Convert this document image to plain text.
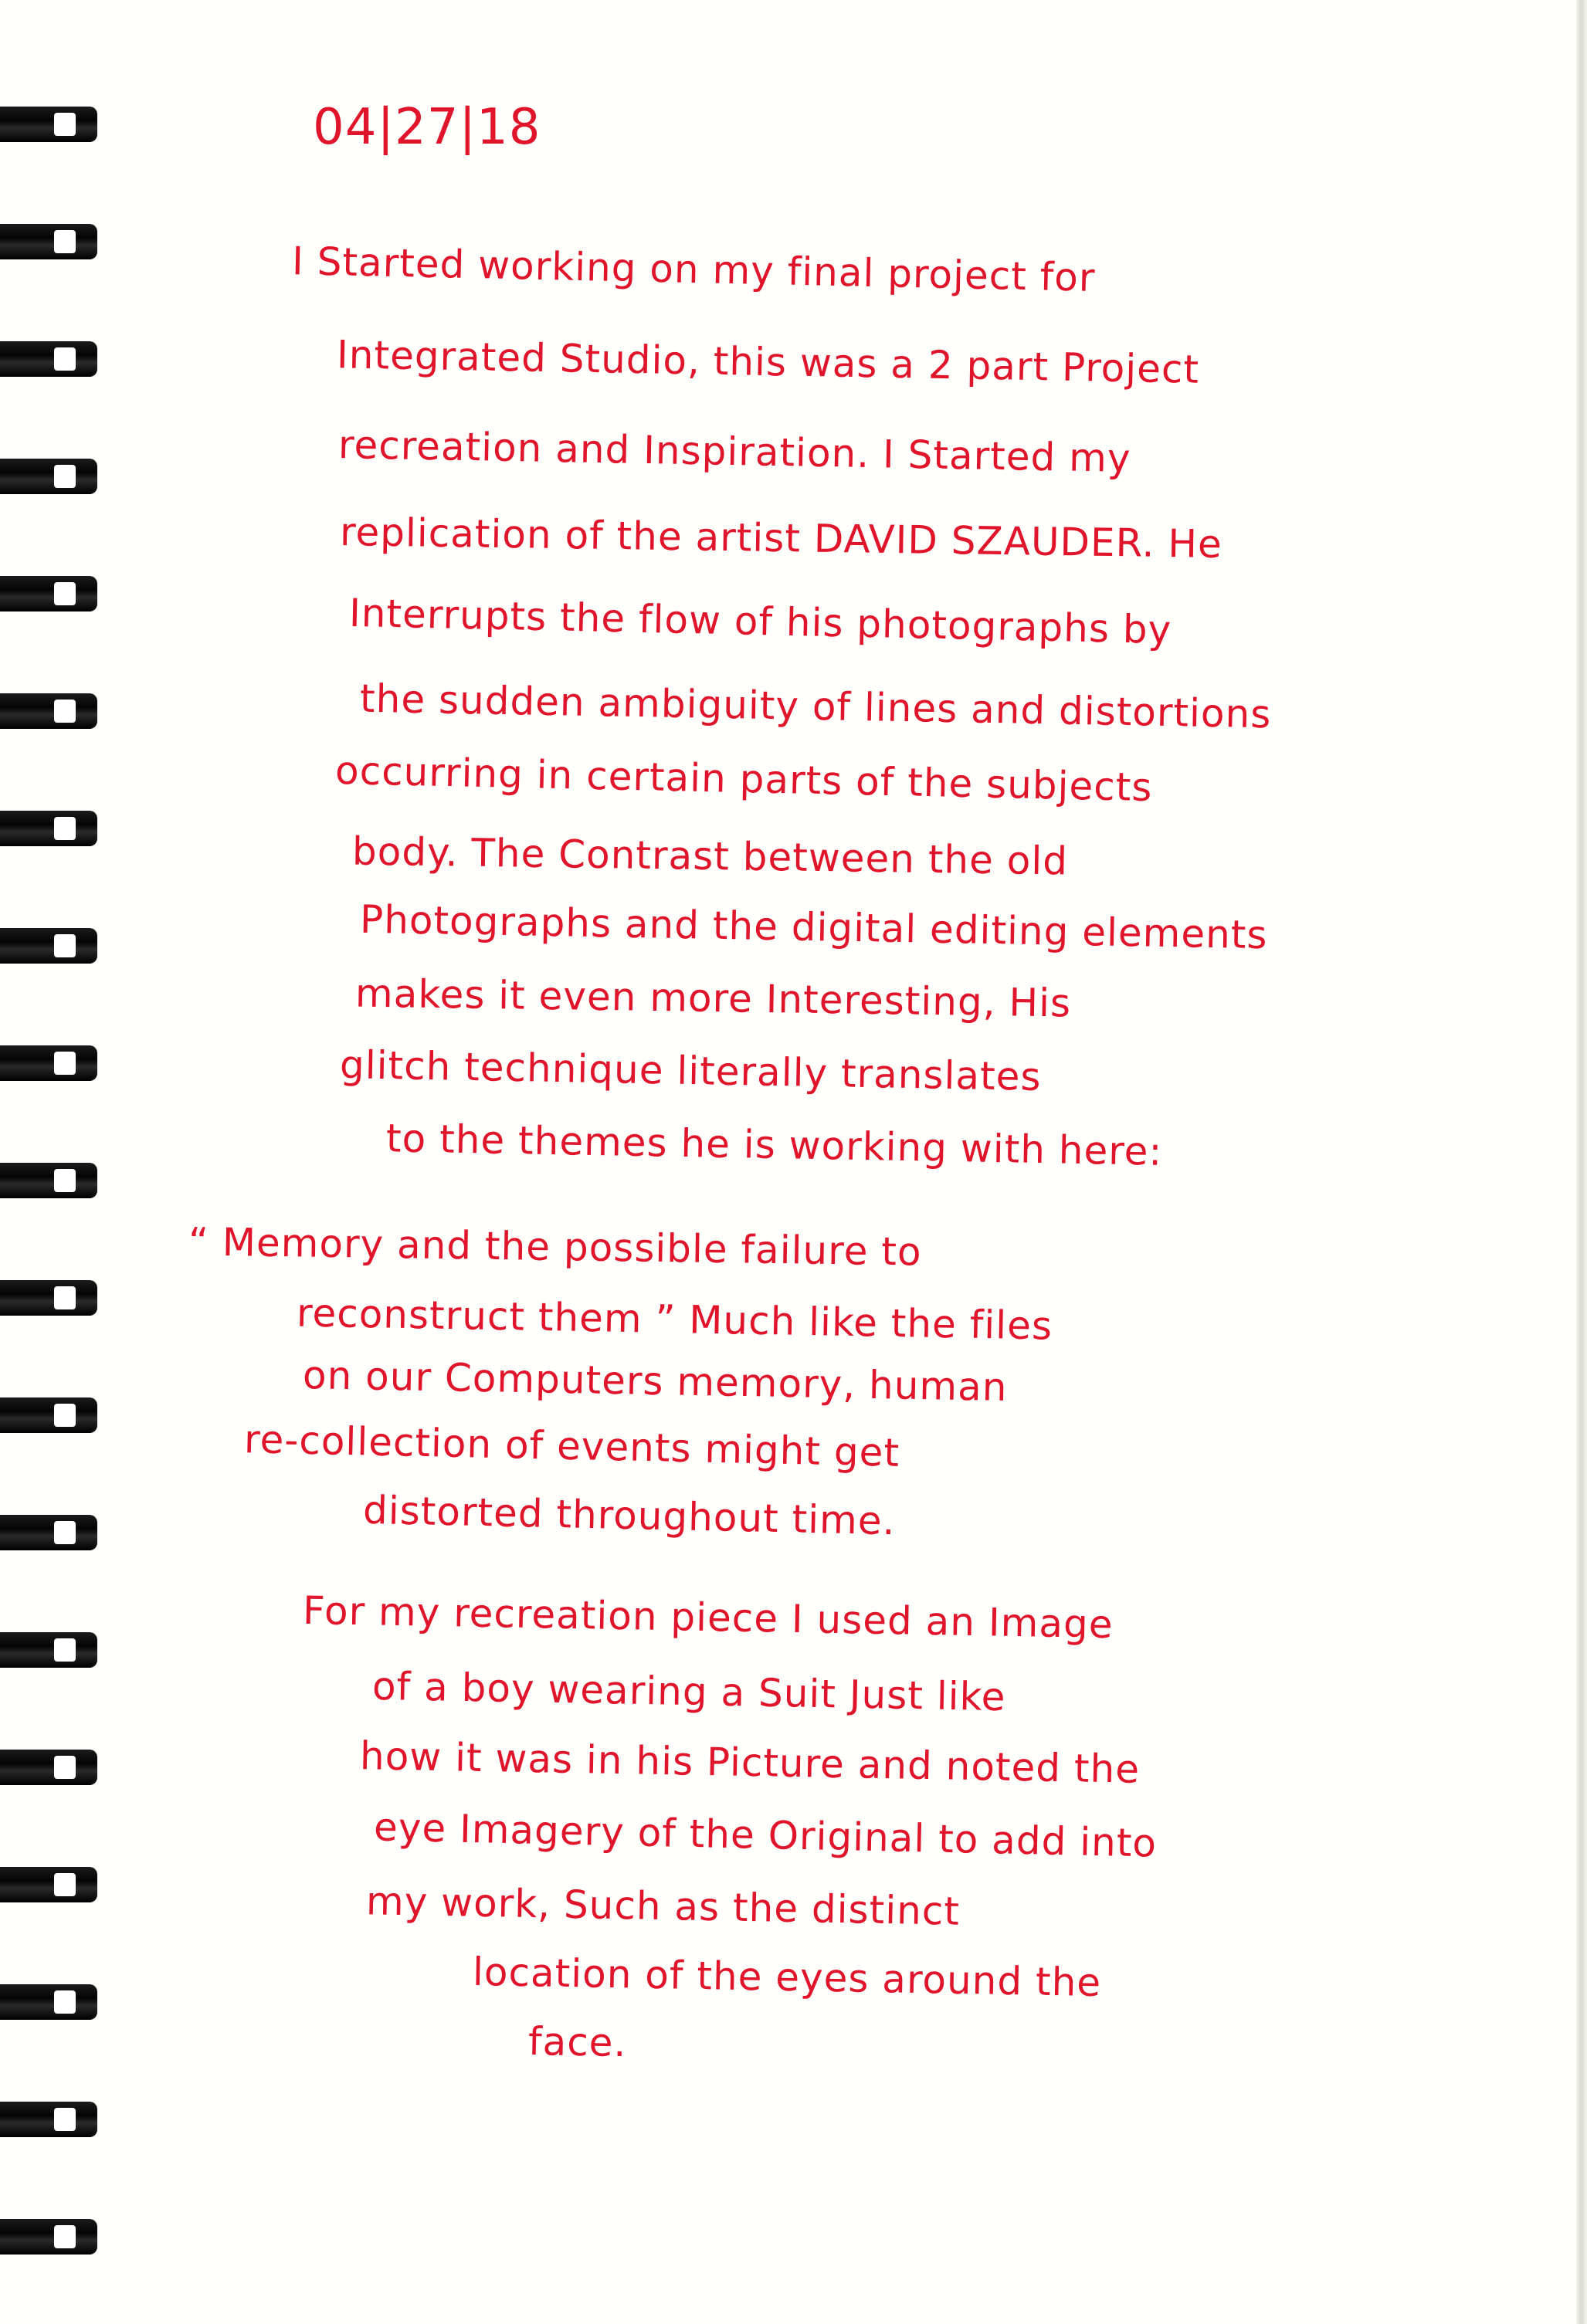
04|27|18
I Started working on my final project for
Integrated Studio, this was a 2 part Project
recreation and Inspiration. I Started my
replication of the artist DAVID SZAUDER. He
Interrupts the flow of his photographs by
the sudden ambiguity of lines and distortions
occurring in certain parts of the subjects
body. The Contrast between the old
Photographs and the digital editing elements
makes it even more Interesting, His
glitch technique literally translates
to the themes he is working with here:
“ Memory and the possible failure to
reconstruct them ” Much like the files
on our Computers memory, human
re-collection of events might get
distorted throughout time.
For my recreation piece I used an Image
of a boy wearing a Suit Just like
how it was in his Picture and noted the
eye Imagery of the Original to add into
my work, Such as the distinct
location of the eyes around the
face.
